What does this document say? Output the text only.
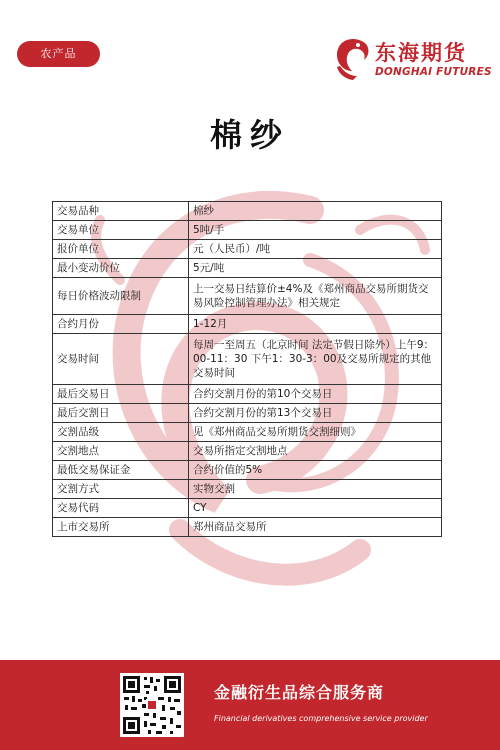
农产品	东海期货
DONGHAI FUTURES
棉纱
交易品种	棉纱
交易单位	5吨/手
报价单位	元（人民币）/吨
最小变动价位	5元/吨
每日价格波动限制	上一交易日结算价±4%及《郑州商品交易所期货交易风险控制管理办法》相关规定
合约月份	1-12月
交易时间	每周一至周五（北京时间 法定节假日除外）上午9：00-11：30 下午1：30-3：00及交易所规定的其他交易时间
最后交易日	合约交割月份的第10个交易日
最后交割日	合约交割月份的第13个交易日
交割品级	见《郑州商品交易所期货交割细则》
交割地点	交易所指定交割地点
最低交易保证金	合约价值的5%
交割方式	实物交割
交易代码	CY
上市交易所	郑州商品交易所
金融衍生品综合服务商
Financial derivatives comprehensive service provider
